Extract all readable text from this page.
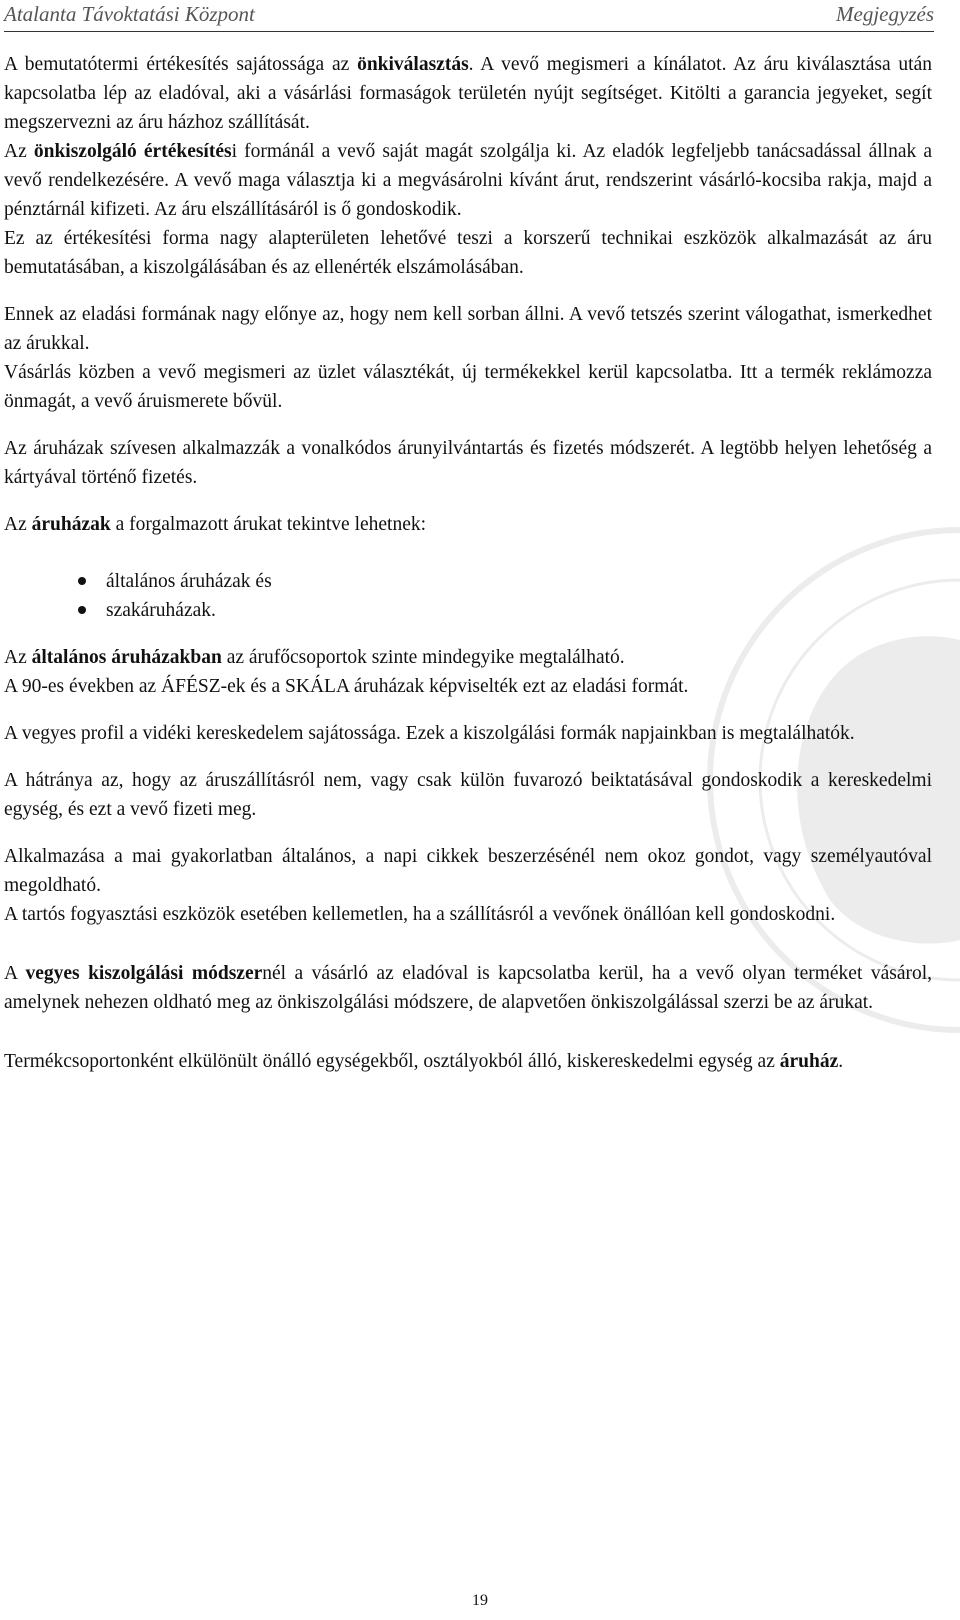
Atalanta Távoktatási Központ	Megjegyzés

A bemutatótermi értékesítés sajátossága az önkiválasztás. A vevő megismeri a kínálatot. Az áru kiválasztása után kapcsolatba lép az eladóval, aki a vásárlási formaságok területén nyújt segítséget. Kitölti a garancia jegyeket, segít megszervezni az áru házhoz szállítását.

Az önkiszolgáló értékesítési formánál a vevő saját magát szolgálja ki. Az eladók legfeljebb tanácsadással állnak a vevő rendelkezésére. A vevő maga választja ki a megvásárolni kívánt árut, rendszerint vásárló-kocsiba rakja, majd a pénztárnál kifizeti. Az áru elszállításáról is ő gondoskodik.

Ez az értékesítési forma nagy alapterületen lehetővé teszi a korszerű technikai eszközök alkalmazását az áru bemutatásában, a kiszolgálásában és az ellenérték elszámolásában.

Ennek az eladási formának nagy előnye az, hogy nem kell sorban állni. A vevő tetszés szerint válogathat, ismerkedhet az árukkal.

Vásárlás közben a vevő megismeri az üzlet választékát, új termékekkel kerül kapcsolatba. Itt a termék reklámozza önmagát, a vevő áruismerete bővül.

Az áruházak szívesen alkalmazzák a vonalkódos árunyilvántartás és fizetés módszerét. A legtöbb helyen lehetőség a kártyával történő fizetés.

Az áruházak a forgalmazott árukat tekintve lehetnek:

általános áruházak és
szakáruházak.

Az általános áruházakban az árufőcsoportok szinte mindegyike megtalálható.

A 90-es években az ÁFÉSZ-ek és a SKÁLA áruházak képviselték ezt az eladási formát.

A vegyes profil a vidéki kereskedelem sajátossága. Ezek a kiszolgálási formák napjainkban is megtalálhatók.

A hátránya az, hogy az áruszállításról nem, vagy csak külön fuvarozó beiktatásával gondoskodik a kereskedelmi egység, és ezt a vevő fizeti meg.

Alkalmazása a mai gyakorlatban általános, a napi cikkek beszerzésénél nem okoz gondot, vagy személyautóval megoldható.

A tartós fogyasztási eszközök esetében kellemetlen, ha a szállításról a vevőnek önállóan kell gondoskodni.

A vegyes kiszolgálási módszernél a vásárló az eladóval is kapcsolatba kerül, ha a vevő olyan terméket vásárol, amelynek nehezen oldható meg az önkiszolgálási módszere, de alapvetően önkiszolgálással szerzi be az árukat.

Termékcsoportonként elkülönült önálló egységekből, osztályokból álló, kiskereskedelmi egység az áruház.

19
